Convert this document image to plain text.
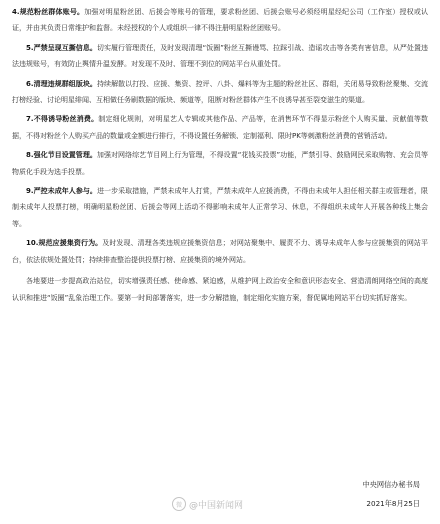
4.规范粉丝群体账号。加强对明星粉丝团、后援会等账号的管理，要求粉丝团、后援会账号必须经明星经纪公司（工作室）授权或认证，并由其负责日常维护和监督。未经授权的个人或组织一律不得注册明星粉丝团账号。

5.严禁呈现互撕信息。切实履行管理责任，及时发现清理“饭圈”粉丝互撕谩骂、拉踩引战、造谣攻击等各类有害信息，从严处置违法违规账号，有效防止舆情升温发酵。对发现不及时、管理不到位的网站平台从重处罚。

6.清理违规群组版块。持续解散以打投、应援、集资、控评、八卦、爆料等为主题的粉丝社区、群组，关闭易导致粉丝聚集、交流打榜经验、讨论明星绯闻、互相做任务刷数据的版块、频道等，阻断对粉丝群体产生不良诱导甚至裂变滋生的渠道。

7.不得诱导粉丝消费。制定细化规则，对明星艺人专辑或其他作品、产品等，在消售环节不得显示粉丝个人购买量、贡献值等数据，不得对粉丝个人购买产品的数量或金额进行排行，不得设置任务解锁、定制福利、限时PK等刺激粉丝消费的营销活动。

8.强化节目设置管理。加强对网络综艺节目网上行为管理，不得设置“花钱买投票”功能，严禁引导、鼓励网民采取购物、充会员等物质化手段为选手投票。

9.严控未成年人参与。进一步采取措施，严禁未成年人打赏，严禁未成年人应援消费，不得由未成年人担任相关群主或管理者，限制未成年人投票打榜，明确明星粉丝团、后援会等网上活动不得影响未成年人正常学习、休息，不得组织未成年人开展各种线上集会等。

10.规范应援集资行为。及时发现、清理各类违规应援集资信息；对网站聚集中、履责不力、诱导未成年人参与应援集资的网站平台，依法依规处置处罚；持续排查整治提供投票打榜、应援集资的境外网站。

各地要进一步提高政治站位，切实增强责任感、使命感、紧迫感，从维护网上政治安全和意识形态安全、营造清朗网络空间的高度认识和推进“饭圈”乱象治理工作。要第一时间部署落实，进一步分解措施，制定细化实施方案，督促属地网站平台切实抓好落实。

中央网信办秘书局
微 @中国新闻网	2021年8月25日
